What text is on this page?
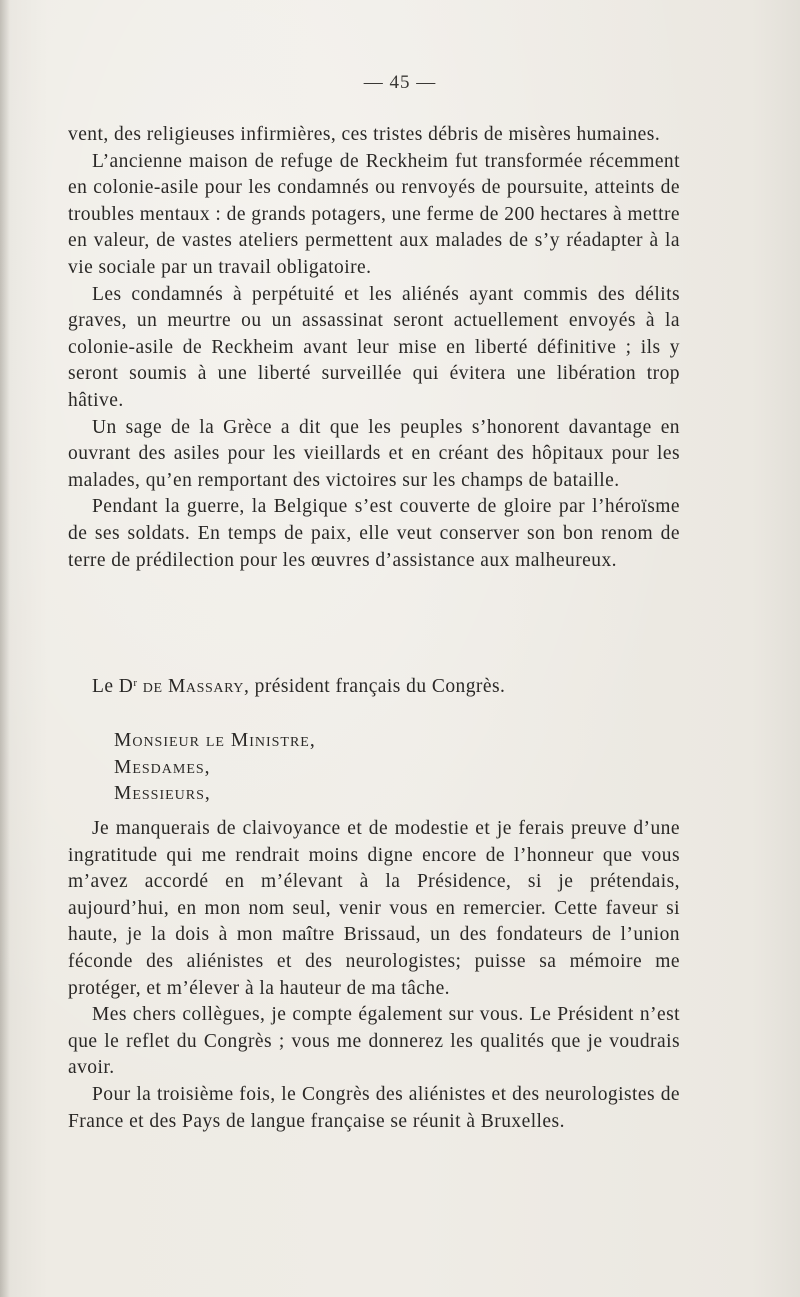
— 45 —

vent, des religieuses infirmières, ces tristes débris de misères humaines.

L’ancienne maison de refuge de Reckheim fut transformée récemment en colonie-asile pour les condamnés ou renvoyés de poursuite, atteints de troubles mentaux : de grands potagers, une ferme de 200 hectares à mettre en valeur, de vastes ateliers permettent aux malades de s’y réadapter à la vie sociale par un travail obligatoire.

Les condamnés à perpétuité et les aliénés ayant commis des délits graves, un meurtre ou un assassinat seront actuellement envoyés à la colonie-asile de Reckheim avant leur mise en liberté définitive ; ils y seront soumis à une liberté surveillée qui évitera une libération trop hâtive.

Un sage de la Grèce a dit que les peuples s’honorent davantage en ouvrant des asiles pour les vieillards et en créant des hôpitaux pour les malades, qu’en remportant des victoires sur les champs de bataille.

Pendant la guerre, la Belgique s’est couverte de gloire par l’héroïsme de ses soldats. En temps de paix, elle veut conserver son bon renom de terre de prédilection pour les œuvres d’assistance aux malheureux.

Le $D^r$ de Massary, président français du Congrès.
Monsieur le Ministre,
Mesdames,
Messieurs,

Je manquerais de claivoyance et de modestie et je ferais preuve d’une ingratitude qui me rendrait moins digne encore de l’honneur que vous m’avez accordé en m’élevant à la Présidence, si je prétendais, aujourd’hui, en mon nom seul, venir vous en remercier. Cette faveur si haute, je la dois à mon maître Brissaud, un des fondateurs de l’union féconde des aliénistes et des neurologistes; puisse sa mémoire me protéger, et m’élever à la hauteur de ma tâche.

Mes chers collègues, je compte également sur vous. Le Président n’est que le reflet du Congrès ; vous me donnerez les qualités que je voudrais avoir.

Pour la troisième fois, le Congrès des aliénistes et des neurologistes de France et des Pays de langue française se réunit à Bruxelles.
